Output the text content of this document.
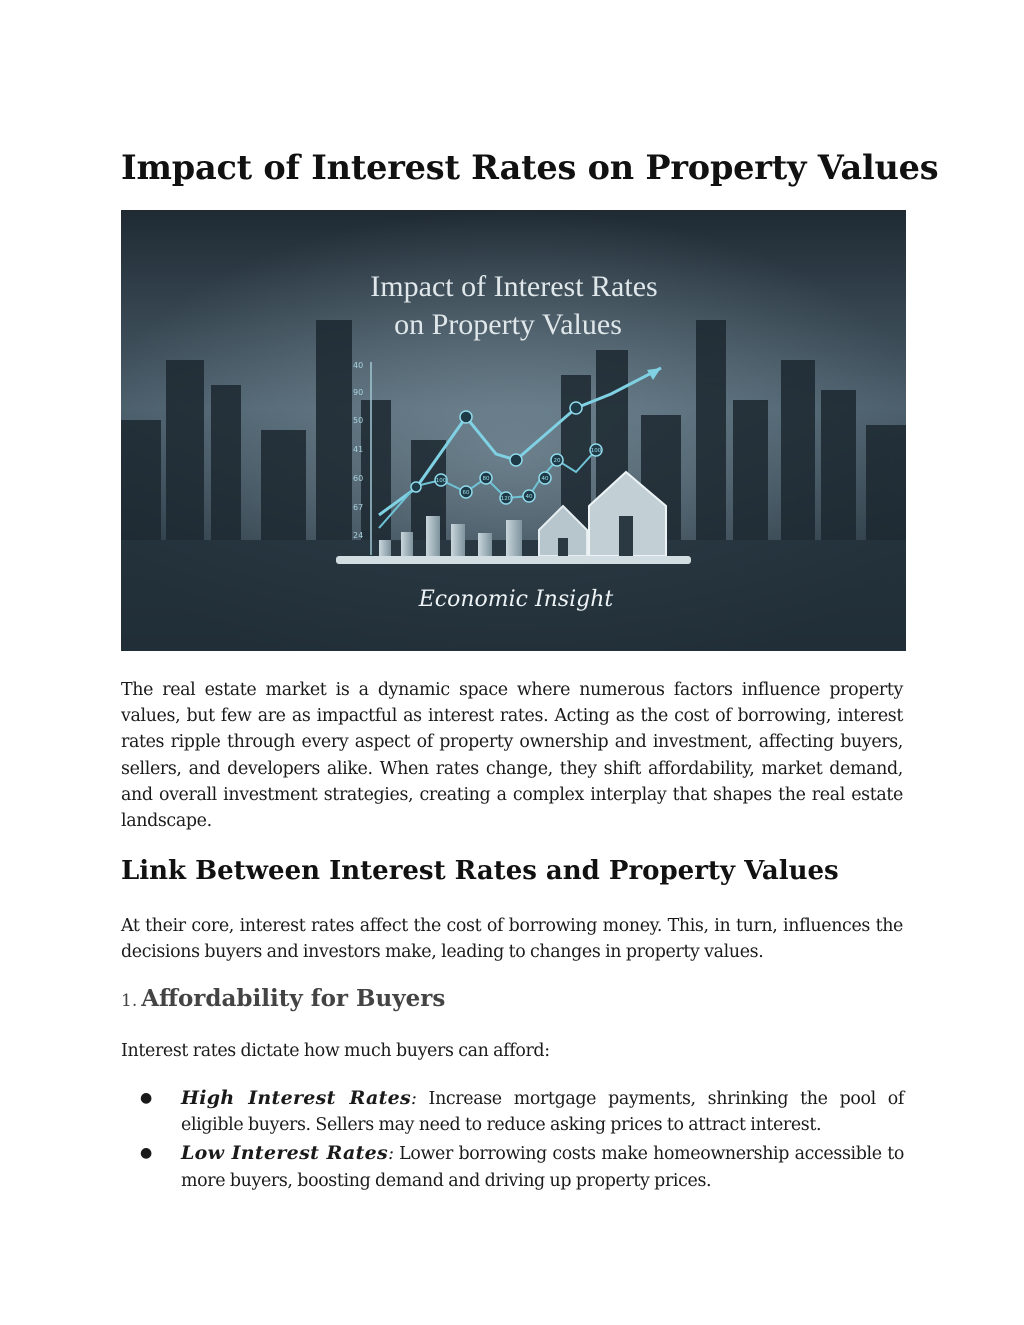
Impact of Interest Rates on Property Values
Impact of Interest Rates
on Property Values
40
90
50
41
60
67
24
100
60
80
120	40
40
20
100
Economic Insight

The real estate market is a dynamic space where numerous factors influence property values, but few are as impactful as interest rates. Acting as the cost of borrowing, interest rates ripple through every aspect of property ownership and investment, affecting buyers, sellers, and developers alike. When rates change, they shift affordability, market demand, and overall investment strategies, creating a complex interplay that shapes the real estate landscape.

Link Between Interest Rates and Property Values

At their core, interest rates affect the cost of borrowing money. This, in turn, influences the decisions buyers and investors make, leading to changes in property values.

1. Affordability for Buyers

Interest rates dictate how much buyers can afford:

● High Interest Rates: Increase mortgage payments, shrinking the pool of eligible buyers. Sellers may need to reduce asking prices to attract interest.
● Low Interest Rates: Lower borrowing costs make homeownership accessible to more buyers, boosting demand and driving up property prices.
